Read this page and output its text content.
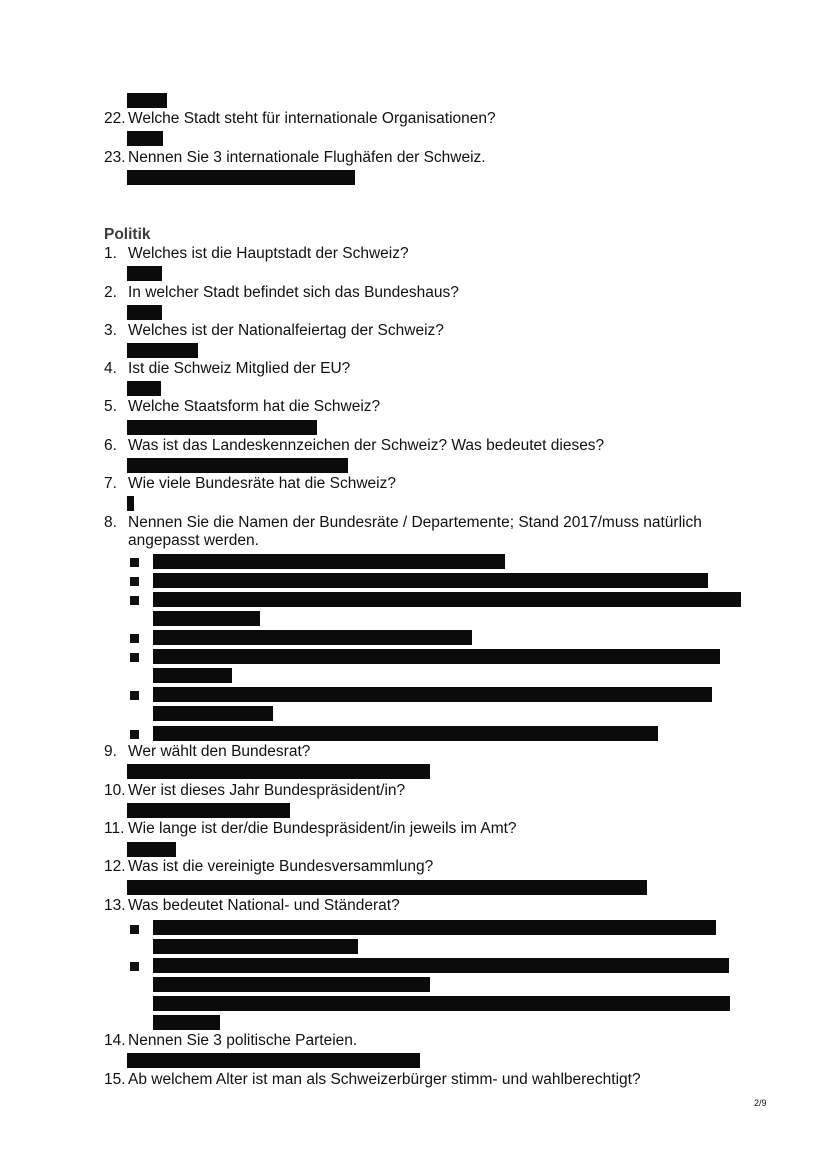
22. Welche Stadt steht für internationale Organisationen?
23. Nennen Sie 3 internationale Flughäfen der Schweiz.
Politik
1. Welches ist die Hauptstadt der Schweiz?
2. In welcher Stadt befindet sich das Bundeshaus?
3. Welches ist der Nationalfeiertag der Schweiz?
4. Ist die Schweiz Mitglied der EU?
5. Welche Staatsform hat die Schweiz?
6. Was ist das Landeskennzeichen der Schweiz? Was bedeutet dieses?
7. Wie viele Bundesräte hat die Schweiz?
8. Nennen Sie die Namen der Bundesräte / Departemente; Stand 2017/muss natürlich angepasst werden.
9. Wer wählt den Bundesrat?
10. Wer ist dieses Jahr Bundespräsident/in?
11. Wie lange ist der/die Bundespräsident/in jeweils im Amt?
12. Was ist die vereinigte Bundesversammlung?
13. Was bedeutet National- und Ständerat?
14. Nennen Sie 3 politische Parteien.
15. Ab welchem Alter ist man als Schweizerbürger stimm- und wahlberechtigt?
2/9
